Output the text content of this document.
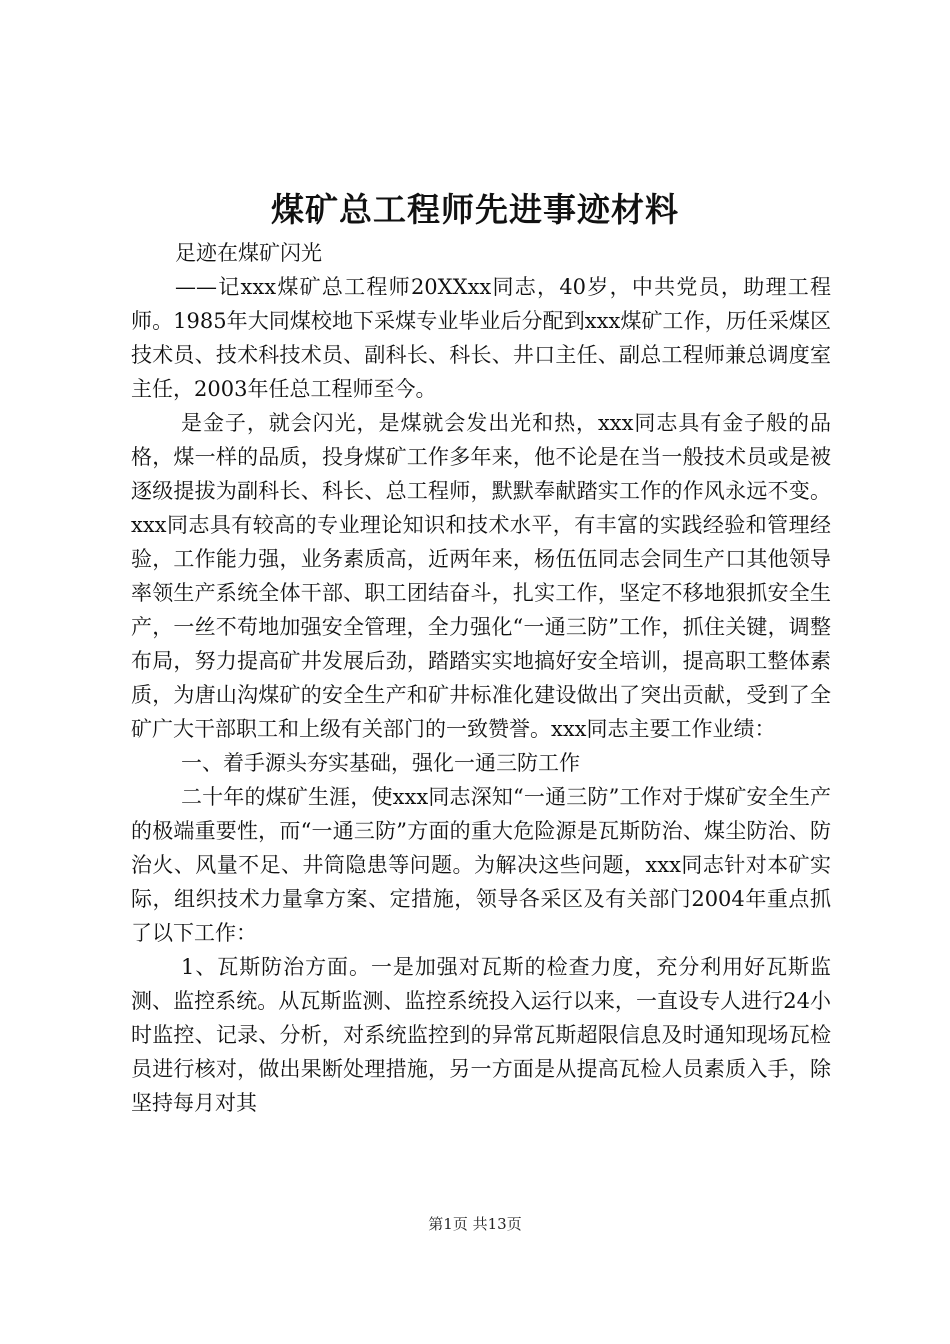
煤矿总工程师先进事迹材料

足迹在煤矿闪光

——记xxx煤矿总工程师20XXxx同志，40岁，中共党员，助理工程师。1985年大同煤校地下采煤专业毕业后分配到xxx煤矿工作，历任采煤区技术员、技术科技术员、副科长、科长、井口主任、副总工程师兼总调度室主任，2003年任总工程师至今。

是金子，就会闪光，是煤就会发出光和热，xxx同志具有金子般的品格，煤一样的品质，投身煤矿工作多年来，他不论是在当一般技术员或是被逐级提拔为副科长、科长、总工程师，默默奉献踏实工作的作风永远不变。xxx同志具有较高的专业理论知识和技术水平，有丰富的实践经验和管理经验，工作能力强，业务素质高，近两年来，杨伍伍同志会同生产口其他领导率领生产系统全体干部、职工团结奋斗，扎实工作，坚定不移地狠抓安全生产，一丝不苟地加强安全管理，全力强化“一通三防”工作，抓住关键，调整布局，努力提高矿井发展后劲，踏踏实实地搞好安全培训，提高职工整体素质，为唐山沟煤矿的安全生产和矿井标准化建设做出了突出贡献，受到了全矿广大干部职工和上级有关部门的一致赞誉。xxx同志主要工作业绩：

一、着手源头夯实基础，强化一通三防工作

二十年的煤矿生涯，使xxx同志深知“一通三防”工作对于煤矿安全生产的极端重要性，而“一通三防”方面的重大危险源是瓦斯防治、煤尘防治、防治火、风量不足、井筒隐患等问题。为解决这些问题，xxx同志针对本矿实际，组织技术力量拿方案、定措施，领导各采区及有关部门2004年重点抓了以下工作：

1、瓦斯防治方面。一是加强对瓦斯的检查力度，充分利用好瓦斯监测、监控系统。从瓦斯监测、监控系统投入运行以来，一直设专人进行24小时监控、记录、分析，对系统监控到的异常瓦斯超限信息及时通知现场瓦检员进行核对，做出果断处理措施，另一方面是从提高瓦检人员素质入手，除坚持每月对其

第1页 共13页
